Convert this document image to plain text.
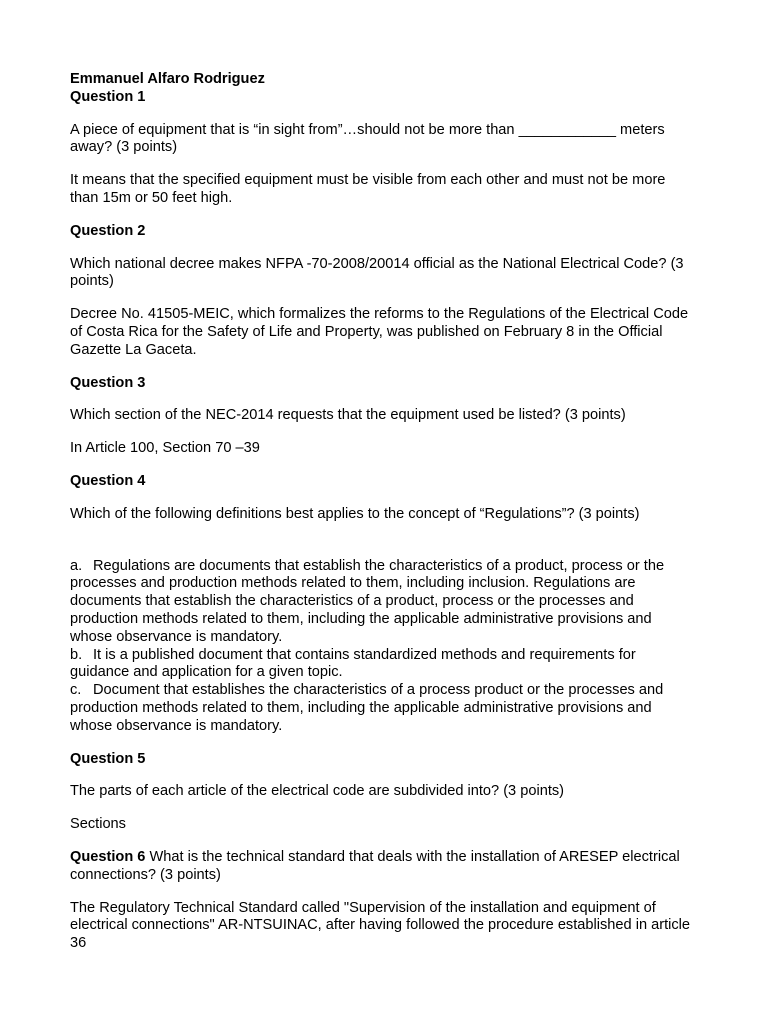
Emmanuel Alfaro Rodriguez

Question 1

A piece of equipment that is “in sight from”…should not be more than ____________ meters away? (3 points)

It means that the specified equipment must be visible from each other and must not be more than 15m or 50 feet high.

Question 2

Which national decree makes NFPA -70-2008/20014 official as the National Electrical Code? (3 points)

Decree No. 41505-MEIC, which formalizes the reforms to the Regulations of the Electrical Code of Costa Rica for the Safety of Life and Property, was published on February 8 in the Official Gazette La Gaceta.

Question 3

Which section of the NEC-2014 requests that the equipment used be listed? (3 points)

In Article 100, Section 70 –39

Question 4

Which of the following definitions best applies to the concept of “Regulations”? (3 points)

a. Regulations are documents that establish the characteristics of a product, process or the processes and production methods related to them, including inclusion. Regulations are documents that establish the characteristics of a product, process or the processes and production methods related to them, including the applicable administrative provisions and whose observance is mandatory.

b. It is a published document that contains standardized methods and requirements for guidance and application for a given topic.

c. Document that establishes the characteristics of a process product or the processes and production methods related to them, including the applicable administrative provisions and whose observance is mandatory.

Question 5

The parts of each article of the electrical code are subdivided into? (3 points)

Sections

Question 6 What is the technical standard that deals with the installation of ARESEP electrical connections? (3 points)

The Regulatory Technical Standard called "Supervision of the installation and equipment of electrical connections" AR-NTSUINAC, after having followed the procedure established in article 36
